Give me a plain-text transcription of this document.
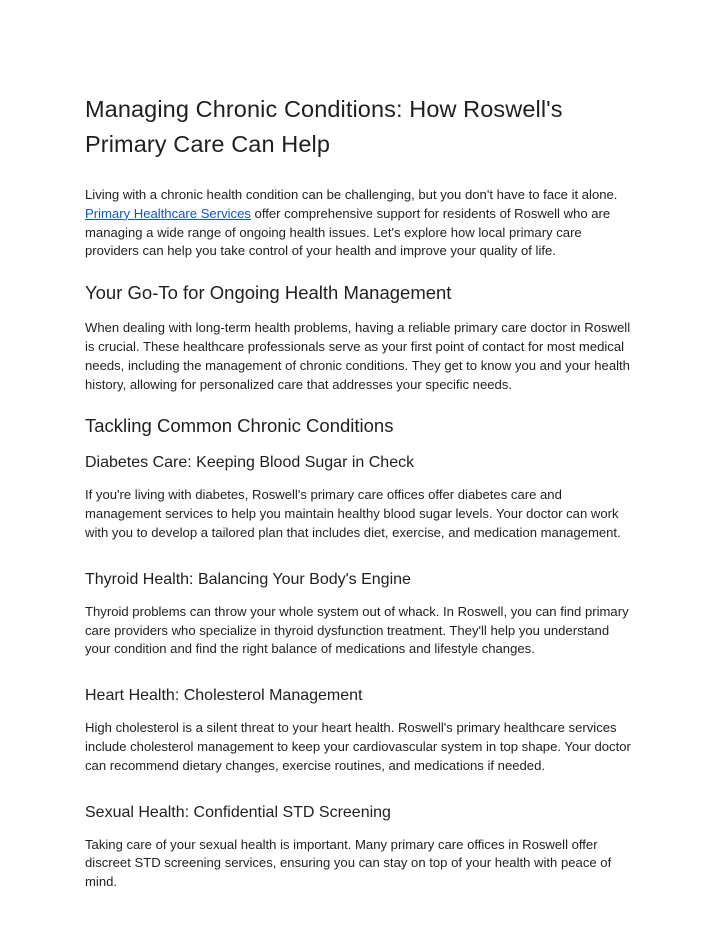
Managing Chronic Conditions: How Roswell's Primary Care Can Help

Living with a chronic health condition can be challenging, but you don't have to face it alone. Primary Healthcare Services offer comprehensive support for residents of Roswell who are managing a wide range of ongoing health issues. Let's explore how local primary care providers can help you take control of your health and improve your quality of life.

Your Go-To for Ongoing Health Management

When dealing with long-term health problems, having a reliable primary care doctor in Roswell is crucial. These healthcare professionals serve as your first point of contact for most medical needs, including the management of chronic conditions. They get to know you and your health history, allowing for personalized care that addresses your specific needs.

Tackling Common Chronic Conditions
Diabetes Care: Keeping Blood Sugar in Check

If you're living with diabetes, Roswell's primary care offices offer diabetes care and management services to help you maintain healthy blood sugar levels. Your doctor can work with you to develop a tailored plan that includes diet, exercise, and medication management.

Thyroid Health: Balancing Your Body's Engine

Thyroid problems can throw your whole system out of whack. In Roswell, you can find primary care providers who specialize in thyroid dysfunction treatment. They'll help you understand your condition and find the right balance of medications and lifestyle changes.

Heart Health: Cholesterol Management

High cholesterol is a silent threat to your heart health. Roswell's primary healthcare services include cholesterol management to keep your cardiovascular system in top shape. Your doctor can recommend dietary changes, exercise routines, and medications if needed.

Sexual Health: Confidential STD Screening

Taking care of your sexual health is important. Many primary care offices in Roswell offer discreet STD screening services, ensuring you can stay on top of your health with peace of mind.
